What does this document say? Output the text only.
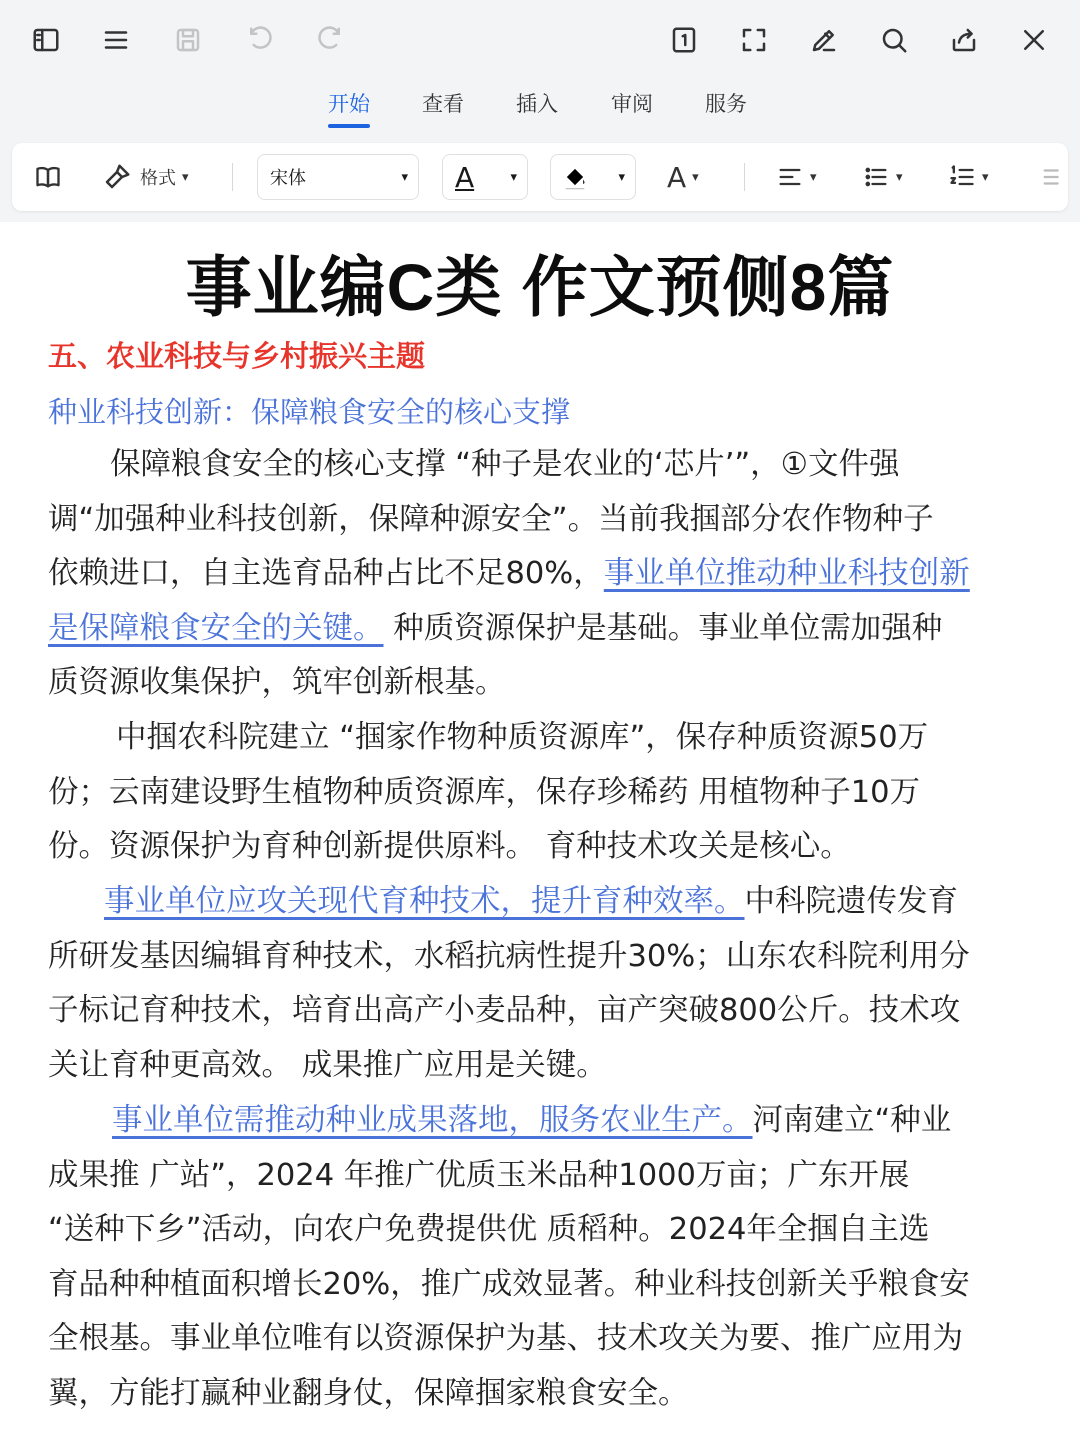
开始 查看 插入	审阅 服务
格式 ▾	宋体	▾ A	▾	▾ A ▾	▾	▾	▾
事业编C类 作文预侧8篇
五、农业科技与乡村振兴主题
种业科技创新：保障粮食安全的核心支撑
保障粮食安全的核心支撑 “种子是农业的‘芯片’”，①文件强
调“加强种业科技创新，保障种源安全”。当前我掴部分农作物种子
依赖进口，自主选育品种占比不足80%，事业单位推动种业科技创新
是保障粮食安全的关键。 种质资源保护是基础。事业单位需加强种
质资源收集保护，筑牢创新根基。
中掴农科院建立 “掴家作物种质资源库”，保存种质资源50万
份；云南建设野生植物种质资源库，保存珍稀药 用植物种子10万
份。资源保护为育种创新提供原料。 育种技术攻关是核心。
事业单位应攻关现代育种技术，提升育种效率。中科院遗传发育
所研发基因编辑育种技术，水稻抗病性提升30%；山东农科院利用分
子标记育种技术，培育出高产小麦品种，亩产突破800公斤。技术攻
关让育种更高效。 成果推广应用是关键。
事业单位需推动种业成果落地，服务农业生产。河南建立“种业
成果推 广站”，2024 年推广优质玉米品种1000万亩；广东开展
“送种下乡”活动，向农户免费提供优 质稻种。2024年全掴自主选
育品种种植面积增长20%，推广成效显著。种业科技创新关乎粮食安
全根基。事业单位唯有以资源保护为基、技术攻关为要、推广应用为
翼，方能打赢种业翻身仗，保障掴家粮食安全。
